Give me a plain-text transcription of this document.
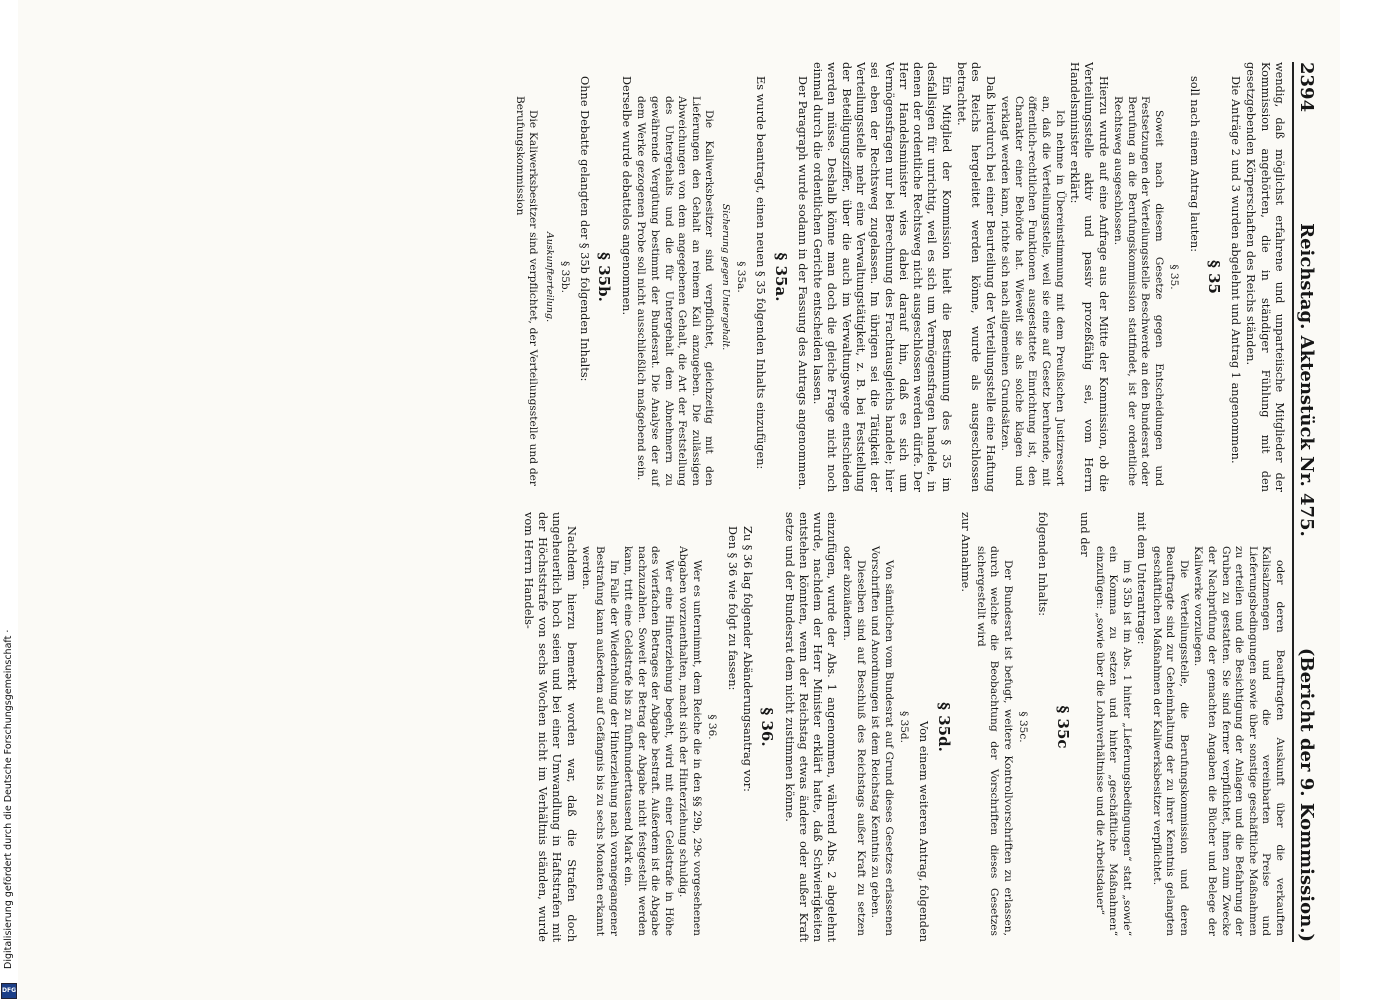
2394
Reichstag. Aktenstück Nr. 475.
(Bericht der 9. Kommission.)

wendig, daß möglichst erfahrene und unparteiische Mitglieder der Kommission angehörten, die in ständiger Fühlung mit den gesetzgebenden Körperschaften des Reichs ständen.

Die Anträge 2 und 3 wurden abgelehnt und Antrag 1 angenommen.

§ 35

soll nach einem Antrag lauten:

§ 35.

Soweit nach diesem Gesetze gegen Entscheidungen und Festsetzungen der Verteilungsstelle Beschwerde an den Bundesrat oder Berufung an die Berufungskommission stattfindet, ist der ordentliche Rechtsweg ausgeschlossen.

Hierzu wurde auf eine Anfrage aus der Mitte der Kommission, ob die Verteilungsstelle aktiv und passiv prozeßfähig sei, vom Herrn Handelsminister erklärt:

Ich nehme in Übereinstimmung mit dem Preußischen Justizressort an, daß die Verteilungsstelle, weil sie eine auf Gesetz beruhende, mit öffentlich-rechtlichen Funktionen ausgestattete Einrichtung ist, den Charakter einer Behörde hat. Wieweit sie als solche klagen und verklagt werden kann, richte sich nach allgemeinen Grundsätzen.

Daß hierdurch bei einer Beurteilung der Verteilungsstelle eine Haftung des Reichs hergeleitet werden könne, wurde als ausgeschlossen betrachtet.

Ein Mitglied der Kommission hielt die Bestimmung des § 35 im desfallsigen für unrichtig, weil es sich um Vermögensfragen handele, in denen der ordentliche Rechtsweg nicht ausgeschlossen werden dürfe. Der Herr Handelsminister wies dabei darauf hin, daß es sich um Vermögensfragen nur bei Berechnung des Frachtausgleichs handele; hier sei eben der Rechtsweg zugelassen. Im übrigen sei die Tätigkeit der Verteilungsstelle mehr eine Verwaltungstätigkeit, z. B. bei Feststellung der Beteiligungsziffer, über die auch im Verwaltungswege entschieden werden müsse. Deshalb könne man doch die gleiche Frage nicht noch einmal durch die ordentlichen Gerichte entscheiden lassen.

Der Paragraph wurde sodann in der Fassung des Antrags angenommen.

§ 35a.

Es wurde beantragt, einen neuen § 35 folgenden Inhalts einzufügen:

§ 35a.
Sicherung gegen Untergehalt.

Die Kaliwerksbesitzer sind verpflichtet, gleichzeitig mit den Lieferungen den Gehalt an reinem Kali anzugeben. Die zulässigen Abweichungen von dem angegebenen Gehalt, die Art der Feststellung des Untergehalts und die für Untergehalt dem Abnehmern zu gewährende Vergütung bestimmt der Bundesrat. Die Analyse der auf dem Werke gezogenen Probe soll nicht ausschließlich maßgebend sein.

Derselbe wurde debattelos angenommen.

§ 35b.

Ohne Debatte gelangten der § 35b folgenden Inhalts:

§ 35b.
Auskunfterteilung.

Die Kaliwerksbesitzer sind verpflichtet, der Verteilungsstelle und der Berufungskommission

oder deren Beauftragten Auskunft über die verkauften Kalisalzmengen und die vereinbarten Preise und Lieferungsbedingungen sowie über sonstige geschäftliche Maßnahmen zu erteilen und die Besichtigung der Anlagen und die Befahrung der Gruben zu gestatten. Sie sind ferner verpflichtet, ihnen zum Zwecke der Nachprüfung der gemachten Angaben die Bücher und Belege der Kaliwerke vorzulegen.

Die Verteilungsstelle, die Berufungskommission und deren Beauftragte sind zur Geheimhaltung der zu ihrer Kenntnis gelangten geschäftlichen Maßnahmen der Kaliwerksbesitzer verpflichtet.

mit dem Unterantrage:

im § 35b ist im Abs. 1 hinter „Lieferungsbedingungen“ statt „sowie“ ein Komma zu setzen und hinter „geschäftliche Maßnahmen“ einzufügen: „sowie über die Lohnverhältnisse und die Arbeitsdauer“

und der

§ 35c

folgenden Inhalts:

§ 35c.

Der Bundesrat ist befugt, weitere Kontrollvorschriften zu erlassen, durch welche die Beobachtung der Vorschriften dieses Gesetzes sichergestellt wird

zur Annahme.

§ 35d.

Von einem weiteren Antrag, folgenden

§ 35d.

Von sämtlichen vom Bundesrat auf Grund dieses Gesetzes erlassenen Vorschriften und Anordnungen ist dem Reichstag Kenntnis zu geben.

Dieselben sind auf Beschluß des Reichstags außer Kraft zu setzen oder abzuändern.

einzufügen, wurde der Abs. 1 angenommen, während Abs. 2 abgelehnt wurde, nachdem der Herr Minister erklärt hatte, daß Schwierigkeiten entstehen könnten, wenn der Reichstag etwas ändere oder außer Kraft setze und der Bundesrat dem nicht zustimmen könne.

§ 36.

Zu § 36 lag folgender Abänderungsantrag vor:

Den § 36 wie folgt zu fassen:

§ 36.

Wer es unternimmt, dem Reiche die in den §§ 29b, 29c vorgesehenen Abgaben vorzuenthalten, macht sich der Hinterziehung schuldig.

Wer eine Hinterziehung begeht, wird mit einer Geldstrafe in Höhe des vierfachen Betrages der Abgabe bestraft. Außerdem ist die Abgabe nachzuzahlen. Soweit der Betrag der Abgabe nicht festgestellt werden kann, tritt eine Geldstrafe bis zu fünfhunderttausend Mark ein.

Im Falle der Wiederholung der Hinterziehung nach vorangegangener Bestrafung kann außerdem auf Gefängnis bis zu sechs Monaten erkannt werden.

Nachdem hierzu bemerkt worden war, daß die Strafen doch ungeheuerlich hoch seien und bei einer Umwandlung in Haftstrafen mit der Höchststrafe von sechs Wochen nicht im Verhältnis ständen, wurde vom Herrn Handels-

Digitalisierung gefördert durch die Deutsche Forschungsgemeinschaft ·
DFG
